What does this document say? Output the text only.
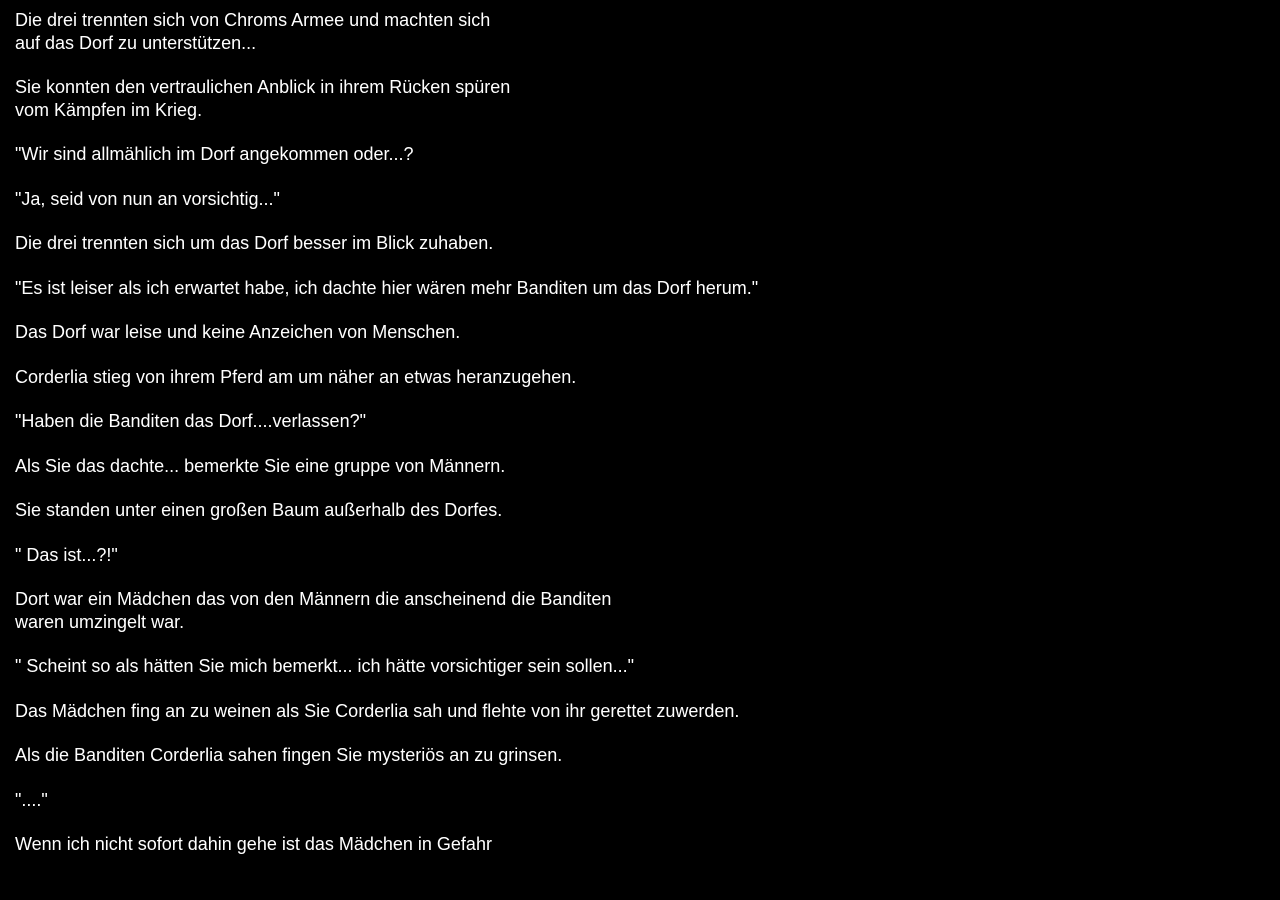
Die drei trennten sich von Chroms Armee und machten sich
auf das Dorf zu unterstützen...

Sie konnten den vertraulichen Anblick in ihrem Rücken spüren
vom Kämpfen im Krieg.

"Wir sind allmählich im Dorf angekommen oder...?

"Ja, seid von nun an vorsichtig..."

Die drei trennten sich um das Dorf besser im Blick zuhaben.

"Es ist leiser als ich erwartet habe, ich dachte hier wären mehr Banditen um das Dorf herum."

Das Dorf war leise und keine Anzeichen von Menschen.

Corderlia stieg von ihrem Pferd am um näher an etwas heranzugehen.

"Haben die Banditen das Dorf....verlassen?"

Als Sie das dachte... bemerkte Sie eine gruppe von Männern.

Sie standen unter einen großen Baum außerhalb des Dorfes.

" Das ist...?!"

Dort war ein Mädchen das von den Männern die anscheinend die Banditen
waren umzingelt war.

" Scheint so als hätten Sie mich bemerkt... ich hätte vorsichtiger sein sollen..."

Das Mädchen fing an zu weinen als Sie Corderlia sah und flehte von ihr gerettet zuwerden.

Als die Banditen Corderlia sahen fingen Sie mysteriös an zu grinsen.

"...."

Wenn ich nicht sofort dahin gehe ist das Mädchen in Gefahr
